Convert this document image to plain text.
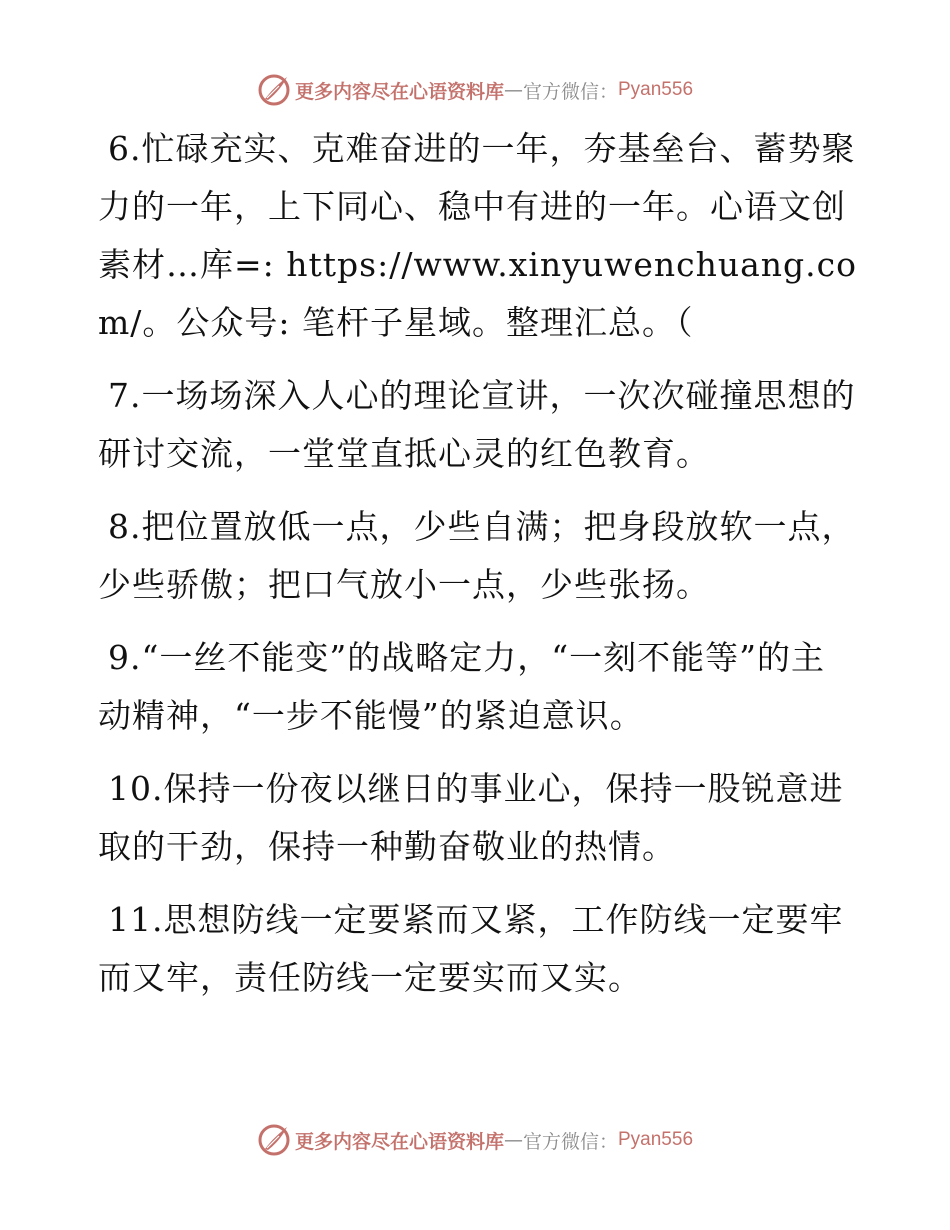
更多内容尽在心语资料库 — 官方微信： Pyan556

6.忙碌充实、克难奋进的一年，夯基垒台、蓄势聚力的一年，上下同心、稳中有进的一年。心语文创素材…库=: https://www.xinyuwenchuang.com/。公众号: 笔杆子星域。整理汇总。（

7.一场场深入人心的理论宣讲，一次次碰撞思想的研讨交流，一堂堂直抵心灵的红色教育。

8.把位置放低一点，少些自满；把身段放软一点，少些骄傲；把口气放小一点，少些张扬。

9.“一丝不能变”的战略定力，“一刻不能等”的主动精神，“一步不能慢”的紧迫意识。

10.保持一份夜以继日的事业心，保持一股锐意进取的干劲，保持一种勤奋敬业的热情。

11.思想防线一定要紧而又紧，工作防线一定要牢而又牢，责任防线一定要实而又实。

更多内容尽在心语资料库 — 官方微信： Pyan556
